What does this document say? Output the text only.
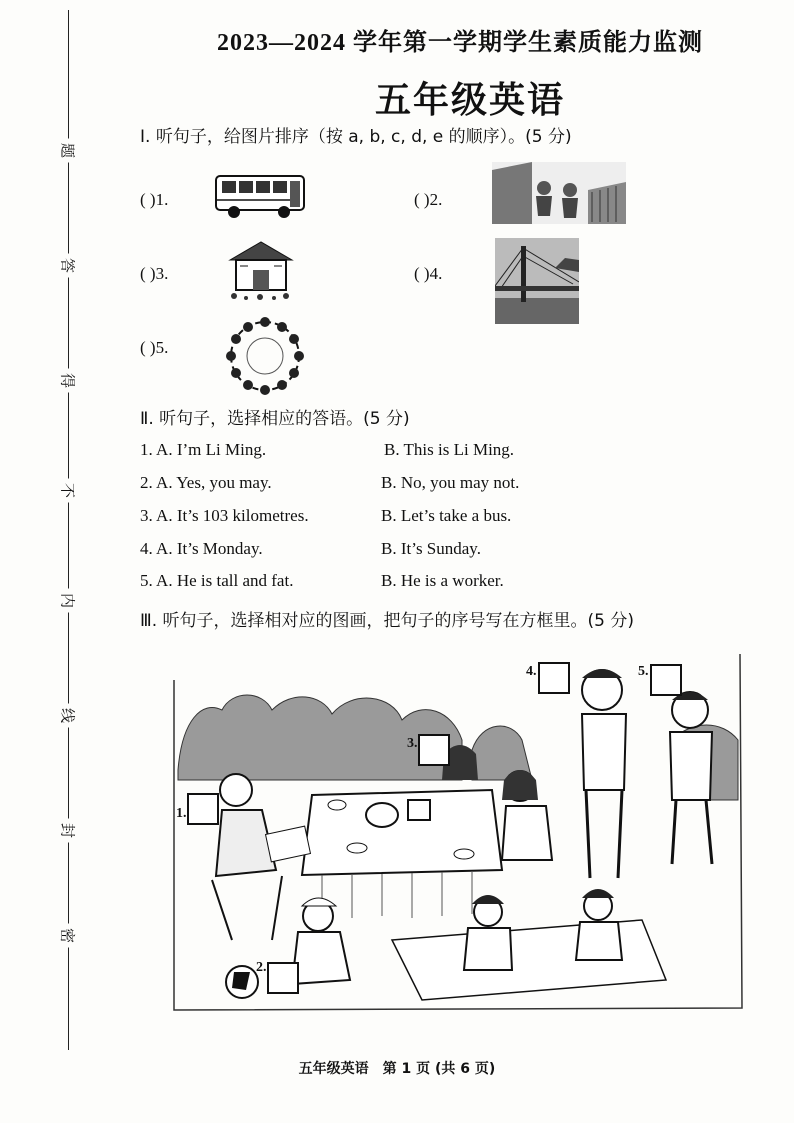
题
答
得
不
内
线
封
密
2023—2024 学年第一学期学生素质能力监测
五年级英语
Ⅰ. 听句子，给图片排序（按 a, b, c, d, e 的顺序）。(5 分)
( )1.	( )2.
( )3.	( )4.
( )5.
Ⅱ. 听句子，选择相应的答语。(5 分)
1. A. I’m Li Ming.	B. This is Li Ming.
2. A. Yes, you may.	B. No, you may not.
3. A. It’s 103 kilometres.	B. Let’s take a bus.
4. A. It’s Monday.	B. It’s Sunday.
5. A. He is tall and fat.	B. He is a worker.
Ⅲ. 听句子，选择相对应的图画，把句子的序号写在方框里。(5 分)
1.
2.
3.
4.	5.
五年级英语　第 1 页 (共 6 页)
